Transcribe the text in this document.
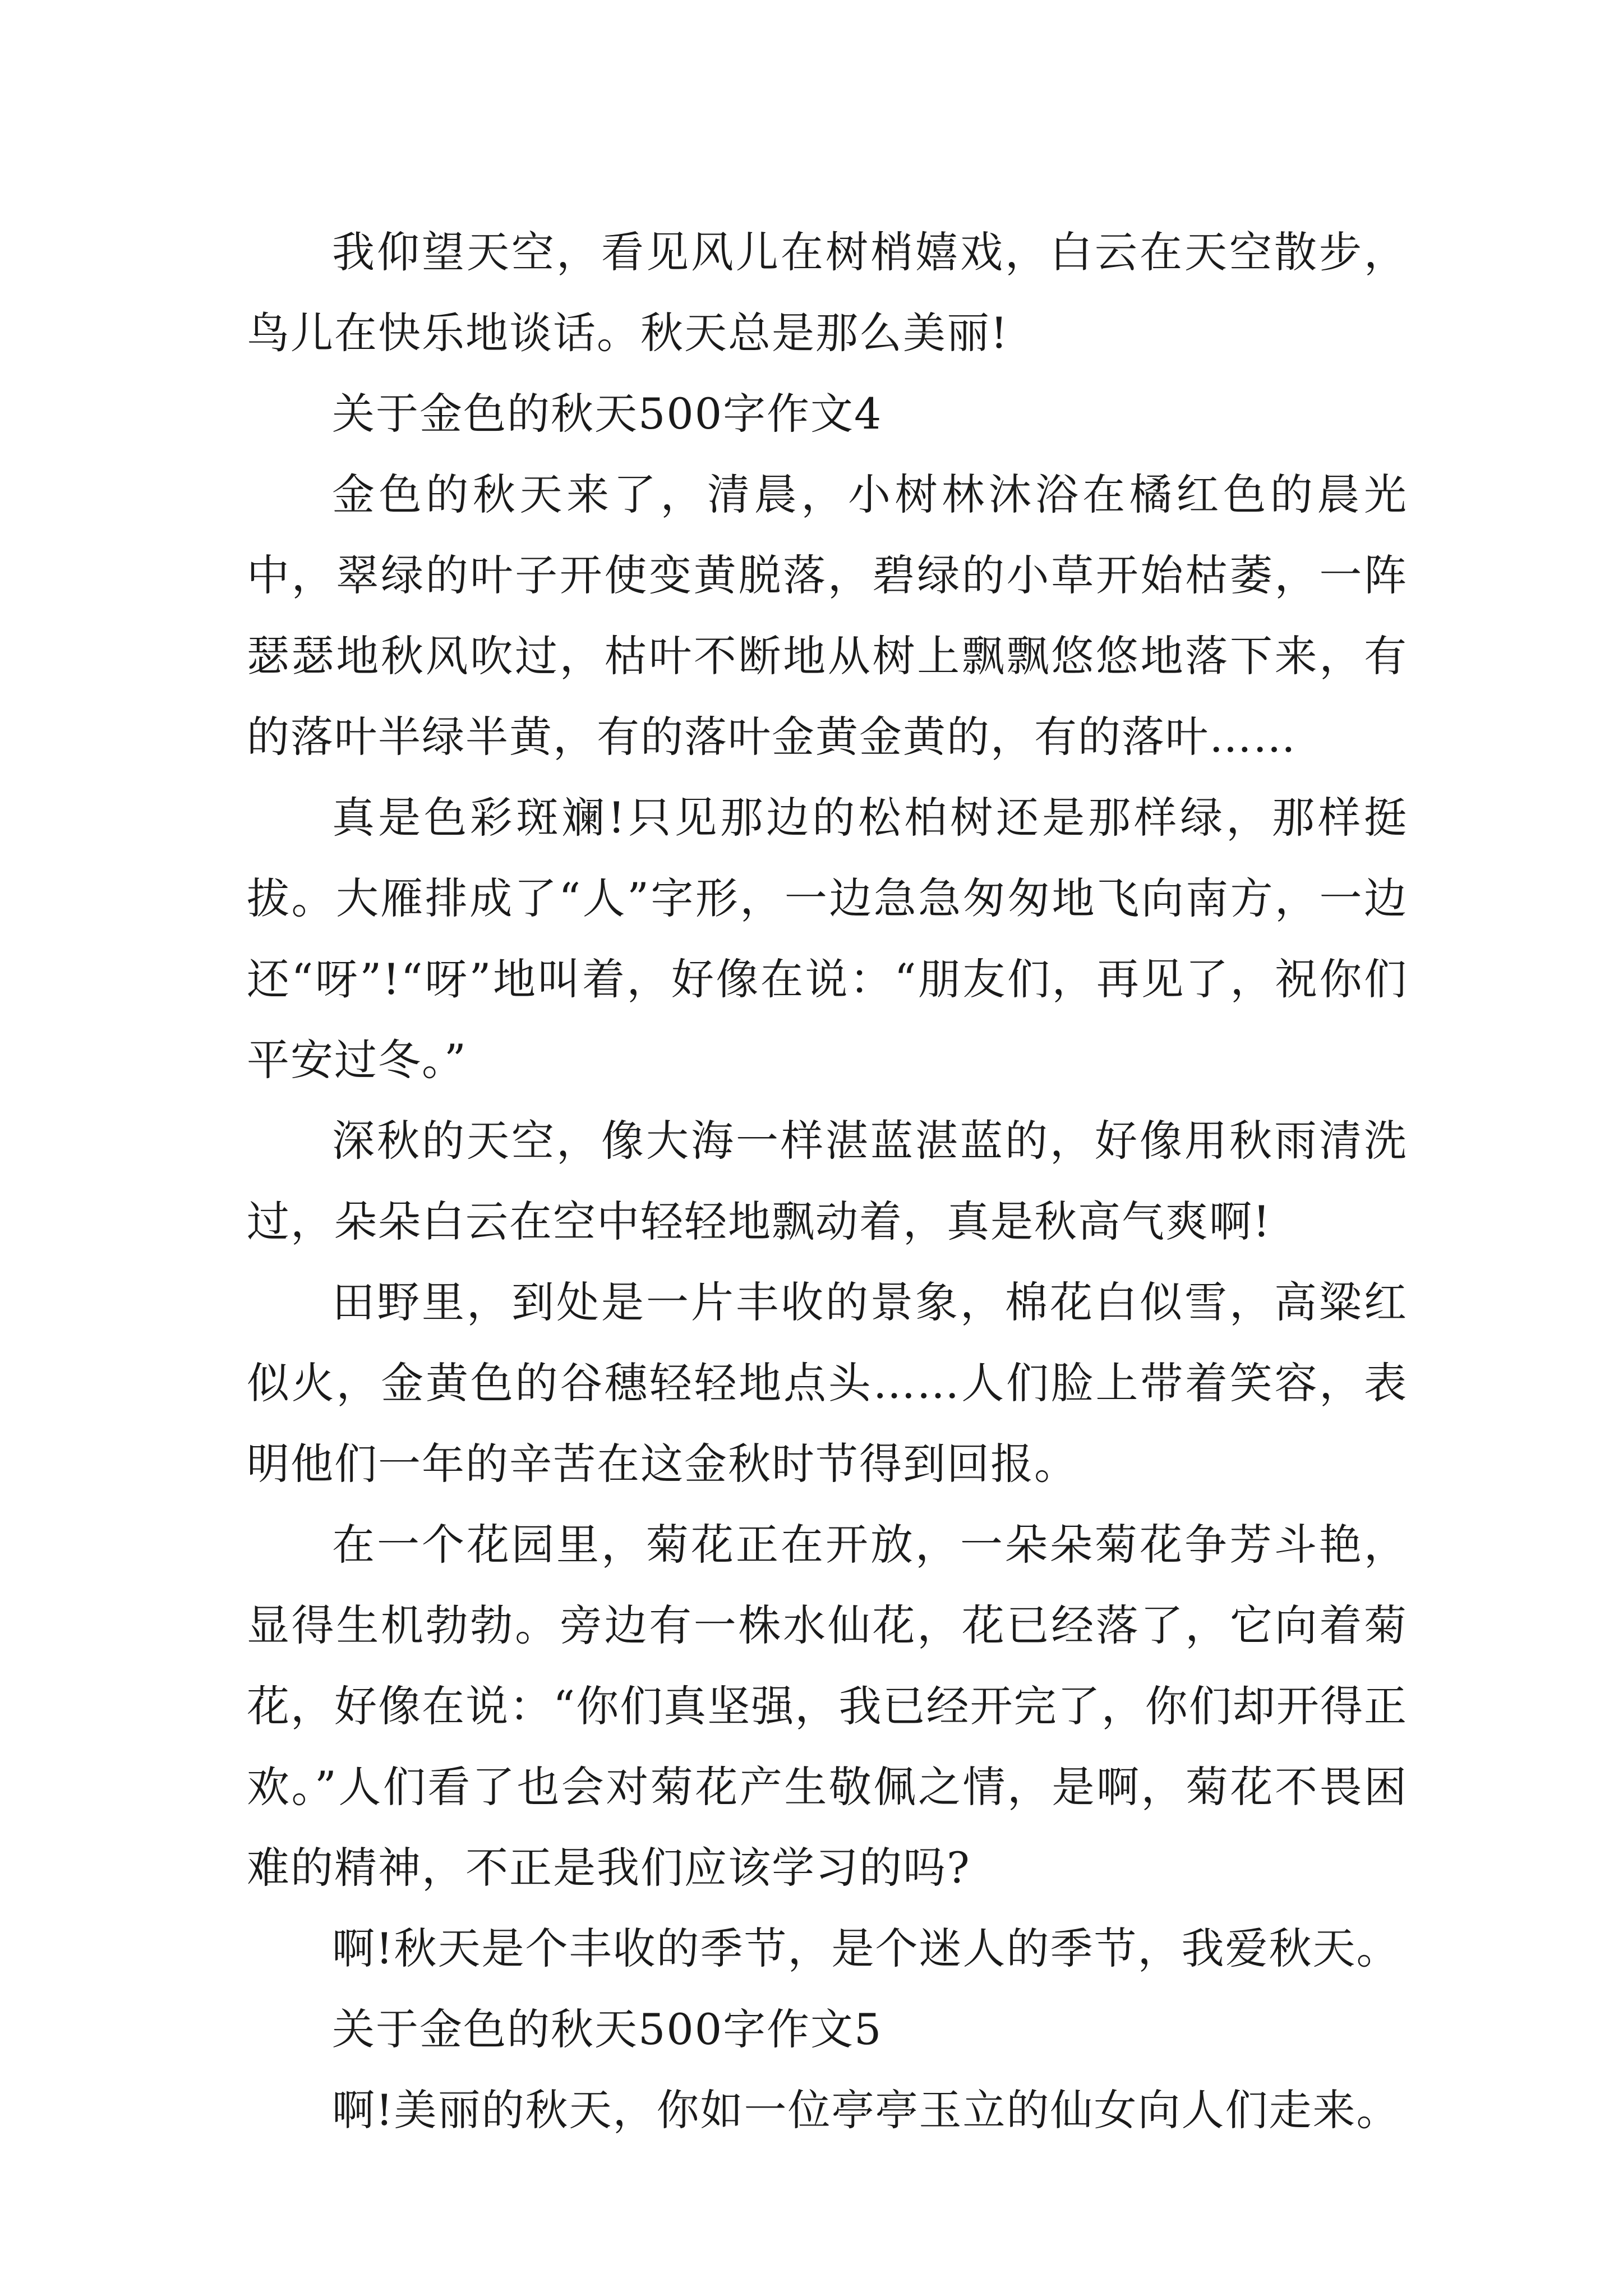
我仰望天空，看见风儿在树梢嬉戏，白云在天空散步，鸟儿在快乐地谈话。秋天总是那么美丽!

关于金色的秋天500字作文4

金色的秋天来了，清晨，小树林沐浴在橘红色的晨光中，翠绿的叶子开使变黄脱落，碧绿的小草开始枯萎，一阵瑟瑟地秋风吹过，枯叶不断地从树上飘飘悠悠地落下来，有的落叶半绿半黄，有的落叶金黄金黄的，有的落叶……

真是色彩斑斓!只见那边的松柏树还是那样绿，那样挺拔。大雁排成了“人”字形，一边急急匆匆地飞向南方，一边还“呀”!“呀”地叫着，好像在说：“朋友们，再见了，祝你们平安过冬。”

深秋的天空，像大海一样湛蓝湛蓝的，好像用秋雨清洗过，朵朵白云在空中轻轻地飘动着，真是秋高气爽啊!

田野里，到处是一片丰收的景象，棉花白似雪，高粱红似火，金黄色的谷穗轻轻地点头……人们脸上带着笑容，表明他们一年的辛苦在这金秋时节得到回报。

在一个花园里，菊花正在开放，一朵朵菊花争芳斗艳，显得生机勃勃。旁边有一株水仙花，花已经落了，它向着菊花，好像在说：“你们真坚强，我已经开完了，你们却开得正欢。”人们看了也会对菊花产生敬佩之情，是啊，菊花不畏困难的精神，不正是我们应该学习的吗?

啊!秋天是个丰收的季节，是个迷人的季节，我爱秋天。

关于金色的秋天500字作文5

啊!美丽的秋天，你如一位亭亭玉立的仙女向人们走来。
